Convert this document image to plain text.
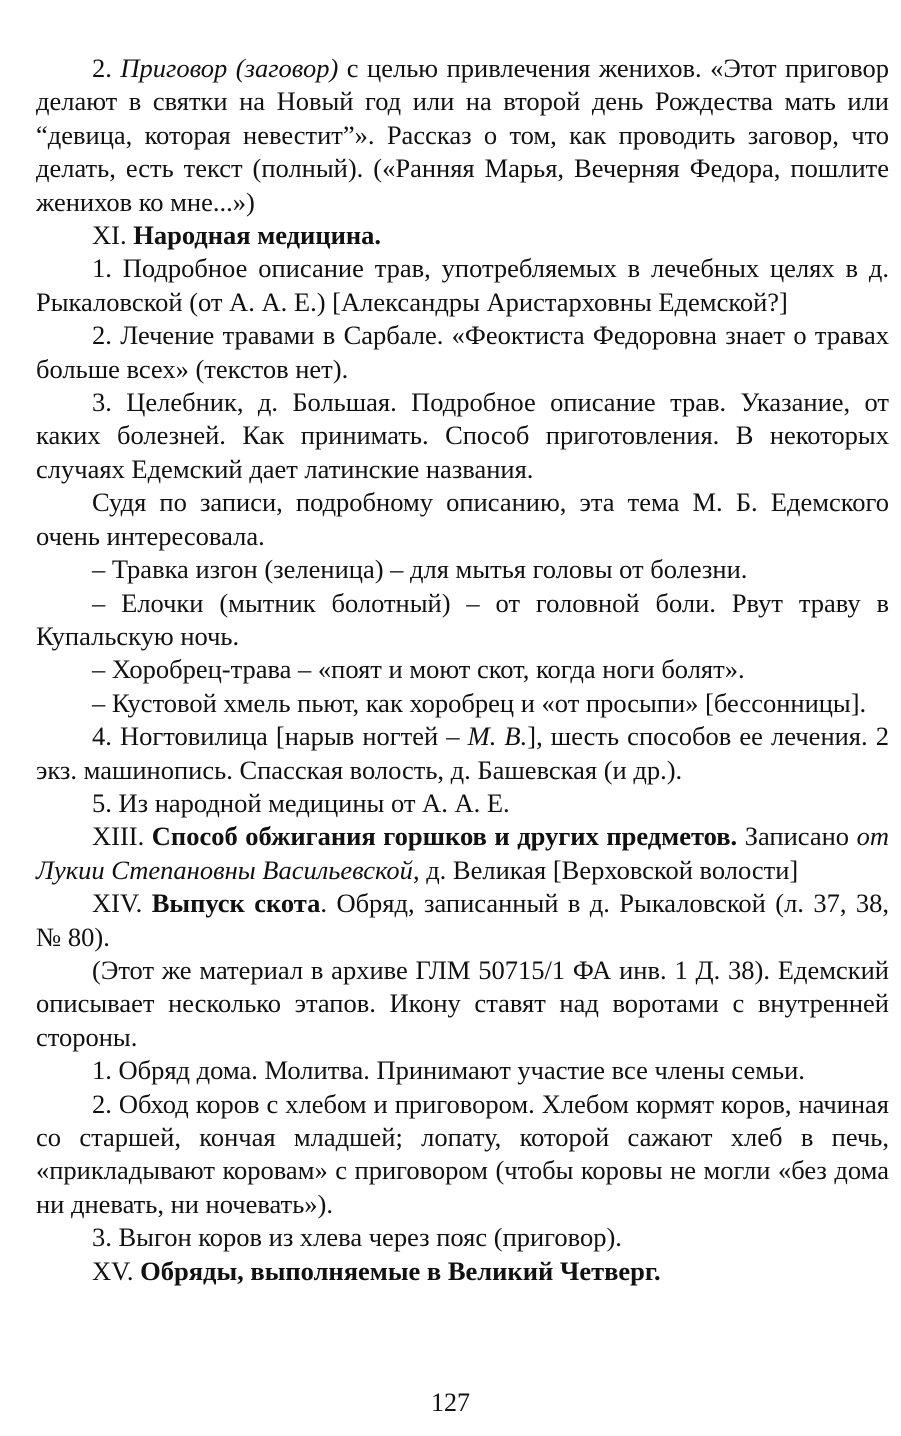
2. Приговор (заговор) с целью привлечения женихов. «Этот приговор делают в святки на Новый год или на второй день Рождества мать или “девица, которая невестит”». Рассказ о том, как проводить заговор, что делать, есть текст (полный). («Ранняя Марья, Вечерняя Федора, пошлите женихов ко мне...»)

XI. Народная медицина.

1. Подробное описание трав, употребляемых в лечебных целях в д. Рыкаловской (от А. А. Е.) [Александры Аристарховны Едемской?]

2. Лечение травами в Сарбале. «Феоктиста Федоровна знает о травах больше всех» (текстов нет).

3. Целебник, д. Большая. Подробное описание трав. Указание, от каких болезней. Как принимать. Способ приготовления. В некоторых случаях Едемский дает латинские названия.

Судя по записи, подробному описанию, эта тема М. Б. Едемского очень интересовала.

– Травка изгон (зеленица) – для мытья головы от болезни.

– Елочки (мытник болотный) – от головной боли. Рвут траву в Купальскую ночь.

– Хоробрец-трава – «поят и моют скот, когда ноги болят».

– Кустовой хмель пьют, как хоробрец и «от просыпи» [бессонницы].

4. Ногтовилица [нарыв ногтей – М. В.], шесть способов ее лечения. 2 экз. машинопись. Спасская волость, д. Башевская (и др.).

5. Из народной медицины от А. А. Е.

XIII. Способ обжигания горшков и других предметов. Записано от Лукии Степановны Васильевской, д. Великая [Верховской волости]

XIV. Выпуск скота. Обряд, записанный в д. Рыкаловской (л. 37, 38, № 80).

(Этот же материал в архиве ГЛМ 50715/1 ФА инв. 1 Д. 38). Едемский описывает несколько этапов. Икону ставят над воротами с внутренней стороны.

1. Обряд дома. Молитва. Принимают участие все члены семьи.

2. Обход коров с хлебом и приговором. Хлебом кормят коров, начиная со старшей, кончая младшей; лопату, которой сажают хлеб в печь, «прикладывают коровам» с приговором (чтобы коровы не могли «без дома ни дневать, ни ночевать»).

3. Выгон коров из хлева через пояс (приговор).

XV. Обряды, выполняемые в Великий Четверг.

127
